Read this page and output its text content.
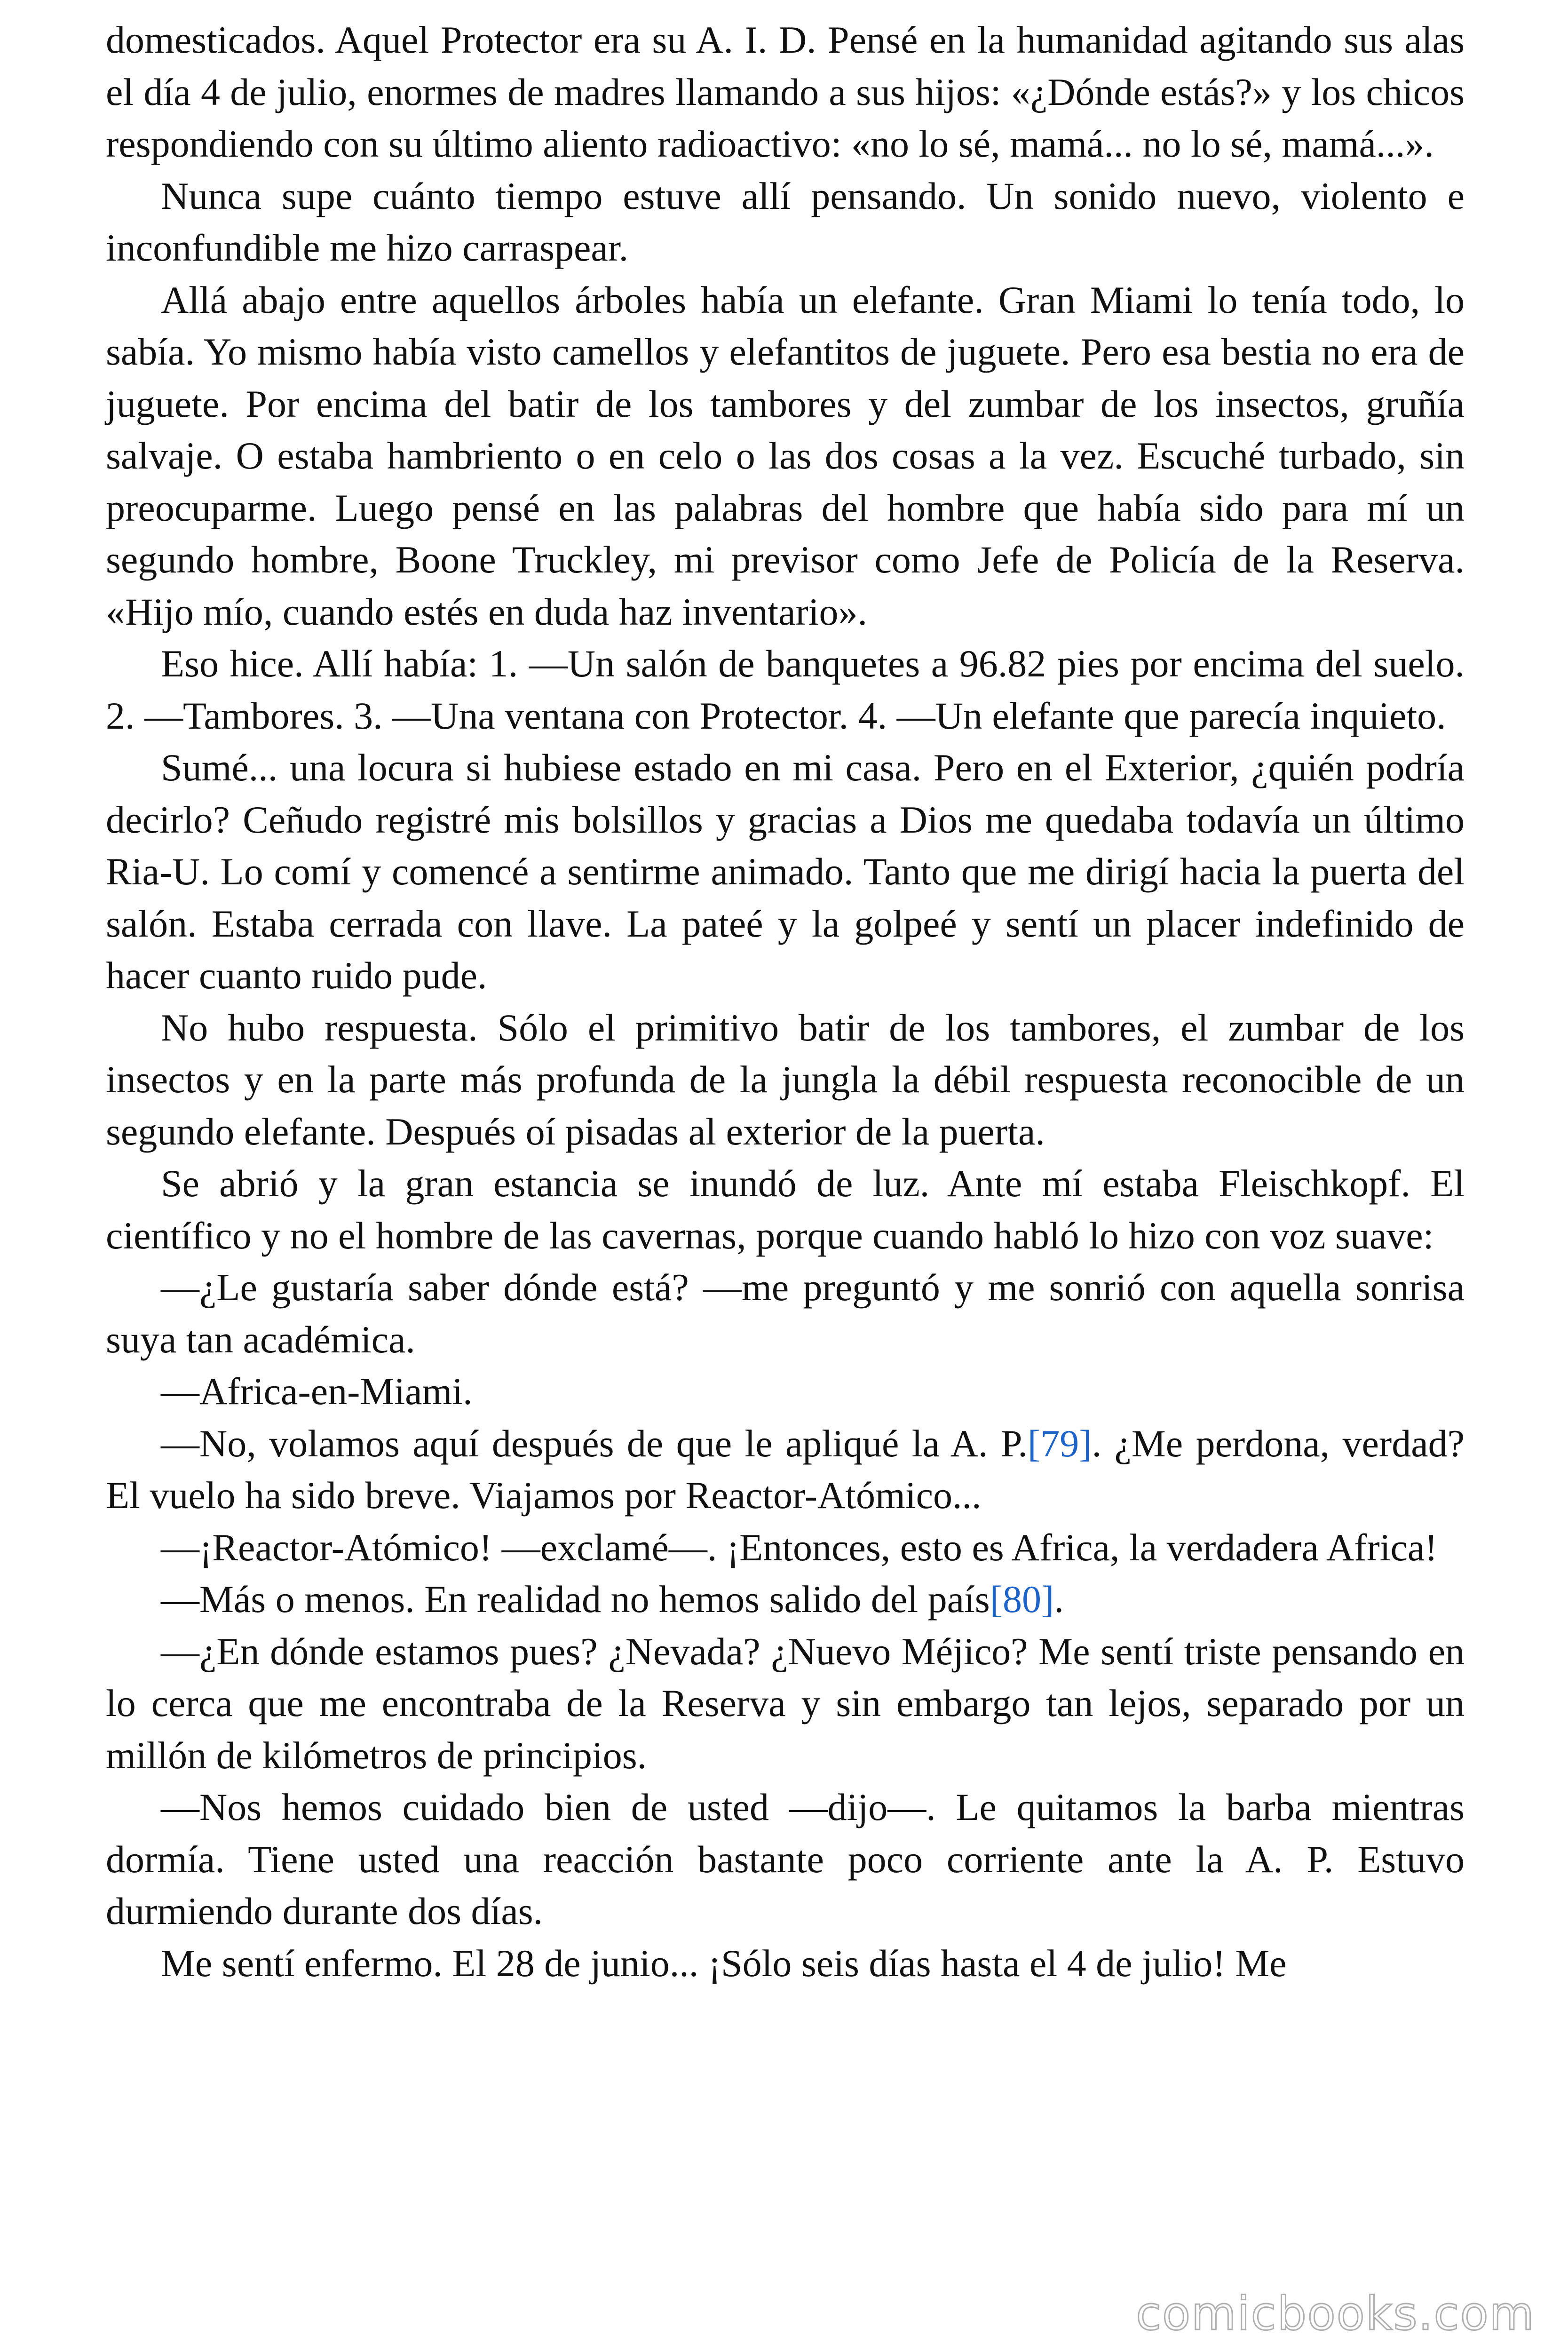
domesticados. Aquel Protector era su A. I. D. Pensé en la humanidad agitando sus alas el día 4 de julio, enormes de madres llamando a sus hijos: «¿Dónde estás?» y los chicos respondiendo con su último aliento radioactivo: «no lo sé, mamá... no lo sé, mamá...».

Nunca supe cuánto tiempo estuve allí pensando. Un sonido nuevo, violento e inconfundible me hizo carraspear.

Allá abajo entre aquellos árboles había un elefante. Gran Miami lo tenía todo, lo sabía. Yo mismo había visto camellos y elefantitos de juguete. Pero esa bestia no era de juguete. Por encima del batir de los tambores y del zumbar de los insectos, gruñía salvaje. O estaba hambriento o en celo o las dos cosas a la vez. Escuché turbado, sin preocuparme. Luego pensé en las palabras del hombre que había sido para mí un segundo hombre, Boone Truckley, mi previsor como Jefe de Policía de la Reserva. «Hijo mío, cuando estés en duda haz inventario».

Eso hice. Allí había: 1. —Un salón de banquetes a 96.82 pies por encima del suelo. 2. —Tambores. 3. —Una ventana con Protector. 4. —Un elefante que parecía inquieto.

Sumé... una locura si hubiese estado en mi casa. Pero en el Exterior, ¿quién podría decirlo? Ceñudo registré mis bolsillos y gracias a Dios me quedaba todavía un último Ria-U. Lo comí y comencé a sentirme animado. Tanto que me dirigí hacia la puerta del salón. Estaba cerrada con llave. La pateé y la golpeé y sentí un placer indefinido de hacer cuanto ruido pude.

No hubo respuesta. Sólo el primitivo batir de los tambores, el zumbar de los insectos y en la parte más profunda de la jungla la débil respuesta reconocible de un segundo elefante. Después oí pisadas al exterior de la puerta.

Se abrió y la gran estancia se inundó de luz. Ante mí estaba Fleischkopf. El científico y no el hombre de las cavernas, porque cuando habló lo hizo con voz suave:

—¿Le gustaría saber dónde está? —me preguntó y me sonrió con aquella sonrisa suya tan académica.

—Africa-en-Miami.

—No, volamos aquí después de que le apliqué la A. P.[79]. ¿Me perdona, verdad? El vuelo ha sido breve. Viajamos por Reactor-Atómico...

—¡Reactor-Atómico! —exclamé—. ¡Entonces, esto es Africa, la verdadera Africa!

—Más o menos. En realidad no hemos salido del país[80].

—¿En dónde estamos pues? ¿Nevada? ¿Nuevo Méjico? Me sentí triste pensando en lo cerca que me encontraba de la Reserva y sin embargo tan lejos, separado por un millón de kilómetros de principios.

—Nos hemos cuidado bien de usted —dijo—. Le quitamos la barba mientras dormía. Tiene usted una reacción bastante poco corriente ante la A. P. Estuvo durmiendo durante dos días.

Me sentí enfermo. El 28 de junio... ¡Sólo seis días hasta el 4 de julio! Me

comicbooks.com
